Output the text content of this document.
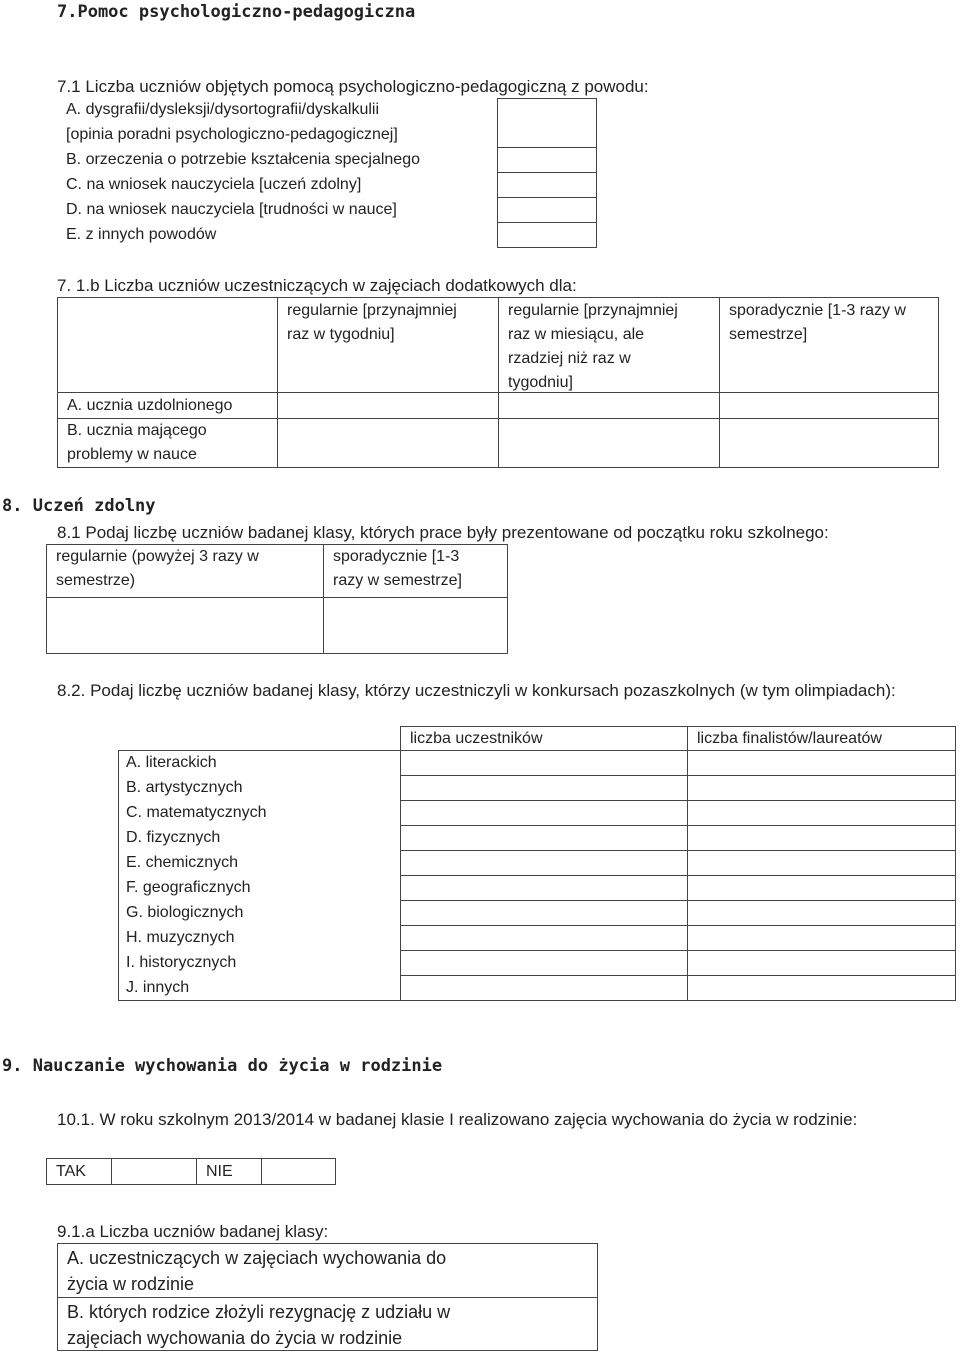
7.Pomoc psychologiczno-pedagogiczna
7.1 Liczba uczniów objętych pomocą psychologiczno-pedagogiczną z powodu:
A. dysgrafii/dysleksji/dysortografii/dyskalkulii
[opinia poradni psychologiczno-pedagogicznej]
B. orzeczenia o potrzebie kształcenia specjalnego
C. na wniosek nauczyciela [uczeń zdolny]
D. na wniosek nauczyciela [trudności w nauce]
E. z innych powodów
7. 1.b Liczba uczniów uczestniczących w zajęciach dodatkowych dla:
regularnie [przynajmniej
raz w tygodniu]
regularnie [przynajmniej
raz w miesiącu, ale
rzadziej niż raz w
tygodniu]
sporadycznie [1-3 razy w
semestrze]
A. ucznia uzdolnionego
B. ucznia mającego
problemy w nauce
8. Uczeń zdolny
8.1 Podaj liczbę uczniów badanej klasy, których prace były prezentowane od początku roku szkolnego:
regularnie (powyżej 3 razy w
semestrze)
sporadycznie [1-3
razy w semestrze]
8.2. Podaj liczbę uczniów badanej klasy, którzy uczestniczyli w konkursach pozaszkolnych (w tym olimpiadach):
liczba uczestników	liczba finalistów/laureatów
A. literackich
B. artystycznych
C. matematycznych
D. fizycznych
E. chemicznych
F. geograficznych
G. biologicznych
H. muzycznych
I. historycznych
J. innych
9. Nauczanie wychowania do życia w rodzinie
10.1. W roku szkolnym 2013/2014 w badanej klasie I realizowano zajęcia wychowania do życia w rodzinie:
TAK	NIE
9.1.a Liczba uczniów badanej klasy:
A. uczestniczących w zajęciach wychowania do
życia w rodzinie
B. których rodzice złożyli rezygnację z udziału w
zajęciach wychowania do życia w rodzinie
